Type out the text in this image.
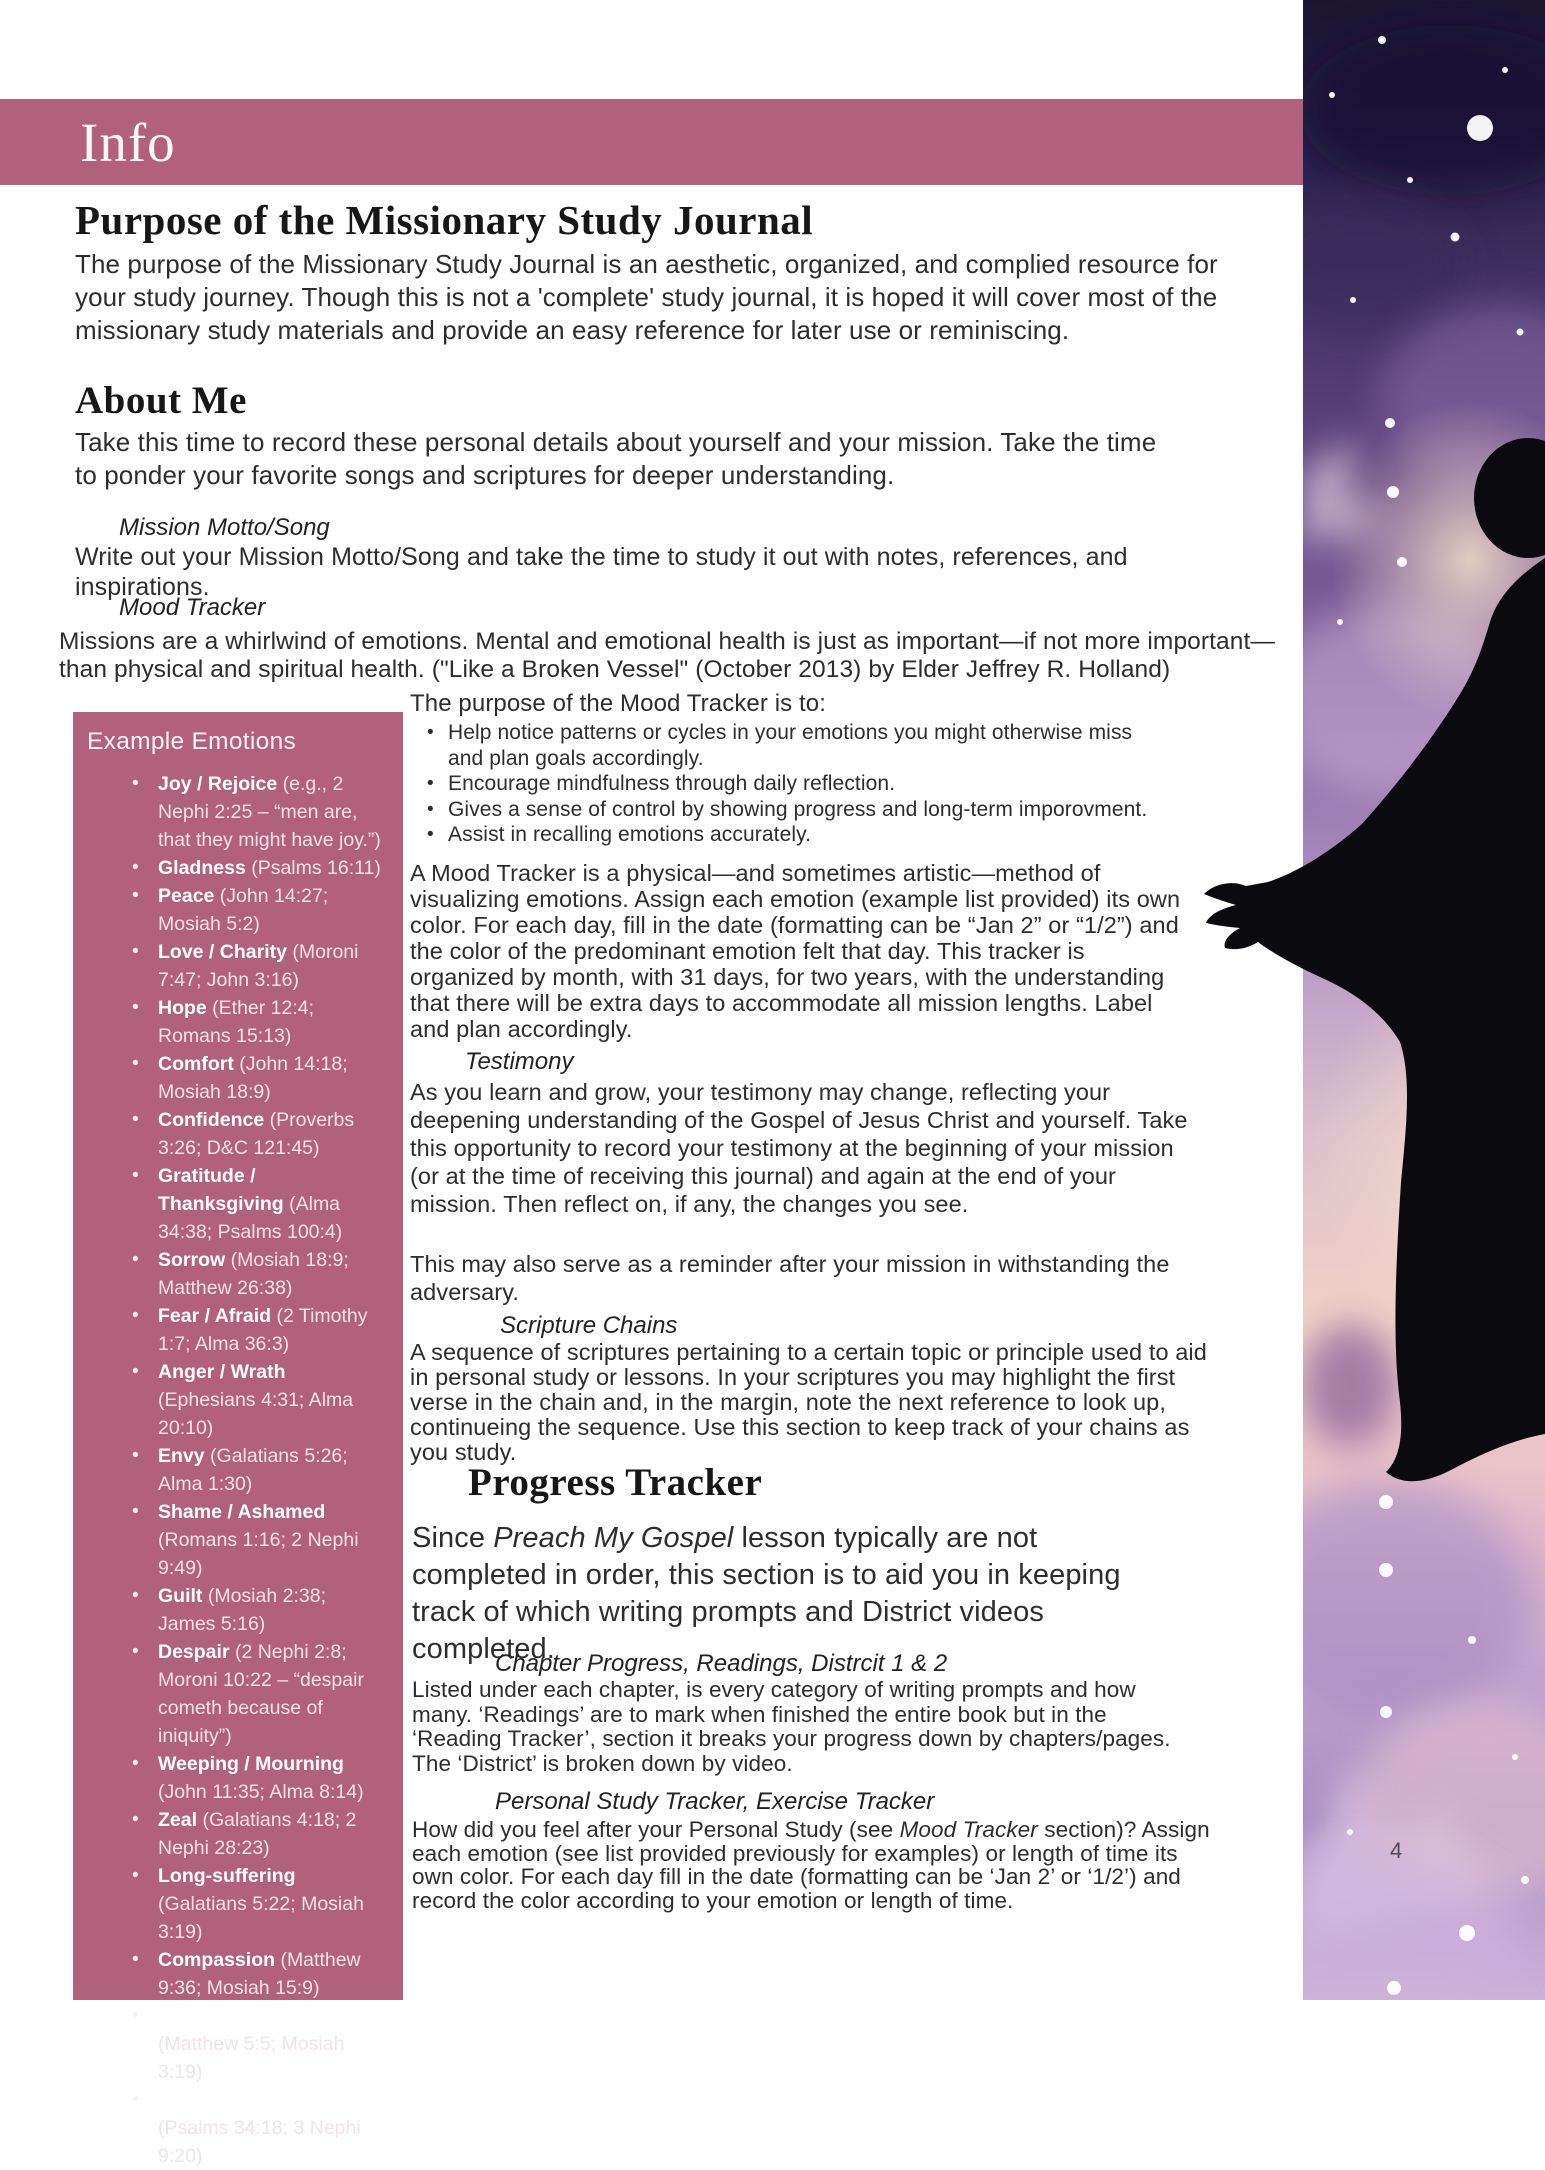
Info
Purpose of the Missionary Study Journal
The purpose of the Missionary Study Journal is an aesthetic, organized, and complied resource for your study journey. Though this is not a 'complete' study journal, it is hoped it will cover most of the missionary study materials and provide an easy reference for later use or reminiscing.
About Me
Take this time to record these personal details about yourself and your mission. Take the time to ponder your favorite songs and scriptures for deeper understanding.
Mission Motto/Song
Write out your Mission Motto/Song and take the time to study it out with notes, references, and inspirations.
Mood Tracker
Missions are a whirlwind of emotions. Mental and emotional health is just as important—if not more important—than physical and spiritual health. ("Like a Broken Vessel" (October 2013) by Elder Jeffrey R. Holland)
Example Emotions
• Joy / Rejoice (e.g., 2 Nephi 2:25 – “men are, that they might have joy.”)
• Gladness (Psalms 16:11)
• Peace (John 14:27; Mosiah 5:2)
• Love / Charity (Moroni 7:47; John 3:16)
• Hope (Ether 12:4; Romans 15:13)
• Comfort (John 14:18; Mosiah 18:9)
• Confidence (Proverbs 3:26; D&C 121:45)
• Gratitude / Thanksgiving (Alma 34:38; Psalms 100:4)
• Sorrow (Mosiah 18:9; Matthew 26:38)
• Fear / Afraid (2 Timothy 1:7; Alma 36:3)
• Anger / Wrath (Ephesians 4:31; Alma 20:10)
• Envy (Galatians 5:26; Alma 1:30)
• Shame / Ashamed (Romans 1:16; 2 Nephi 9:49)
• Guilt (Mosiah 2:38; James 5:16)
• Despair (2 Nephi 2:8; Moroni 10:22 – “despair cometh because of iniquity”)
• Weeping / Mourning (John 11:35; Alma 8:14)
• Zeal (Galatians 4:18; 2 Nephi 28:23)
• Long-suffering (Galatians 5:22; Mosiah 3:19)
• Compassion (Matthew 9:36; Mosiah 15:9)
• Humility / Meekness (Matthew 5:5; Mosiah 3:19)
• Contrite / Broken heart (Psalms 34:18; 3 Nephi 9:20)
The purpose of the Mood Tracker is to:
• Help notice patterns or cycles in your emotions you might otherwise miss and plan goals accordingly.
• Encourage mindfulness through daily reflection.
• Gives a sense of control by showing progress and long-term imporovment.
• Assist in recalling emotions accurately.
A Mood Tracker is a physical—and sometimes artistic—method of visualizing emotions. Assign each emotion (example list provided) its own color. For each day, fill in the date (formatting can be “Jan 2” or “1/2”) and the color of the predominant emotion felt that day. This tracker is organized by month, with 31 days, for two years, with the understanding that there will be extra days to accommodate all mission lengths. Label and plan accordingly.
Testimony
As you learn and grow, your testimony may change, reflecting your deepening understanding of the Gospel of Jesus Christ and yourself. Take this opportunity to record your testimony at the beginning of your mission (or at the time of receiving this journal) and again at the end of your mission. Then reflect on, if any, the changes you see.
This may also serve as a reminder after your mission in withstanding the adversary.
Scripture Chains
A sequence of scriptures pertaining to a certain topic or principle used to aid in personal study or lessons. In your scriptures you may highlight the first verse in the chain and, in the margin, note the next reference to look up, continueing the sequence. Use this section to keep track of your chains as you study.
Progress Tracker
Since Preach My Gospel lesson typically are not completed in order, this section is to aid you in keeping track of which writing prompts and District videos completed.
Chapter Progress, Readings, Distrcit 1 & 2
Listed under each chapter, is every category of writing prompts and how many. ‘Readings’ are to mark when finished the entire book but in the ‘Reading Tracker’, section it breaks your progress down by chapters/pages. The ‘District’ is broken down by video.
Personal Study Tracker, Exercise Tracker
How did you feel after your Personal Study (see Mood Tracker section)? Assign each emotion (see list provided previously for examples) or length of time its own color. For each day fill in the date (formatting can be ‘Jan 2’ or ‘1/2’) and record the color according to your emotion or length of time.
4
